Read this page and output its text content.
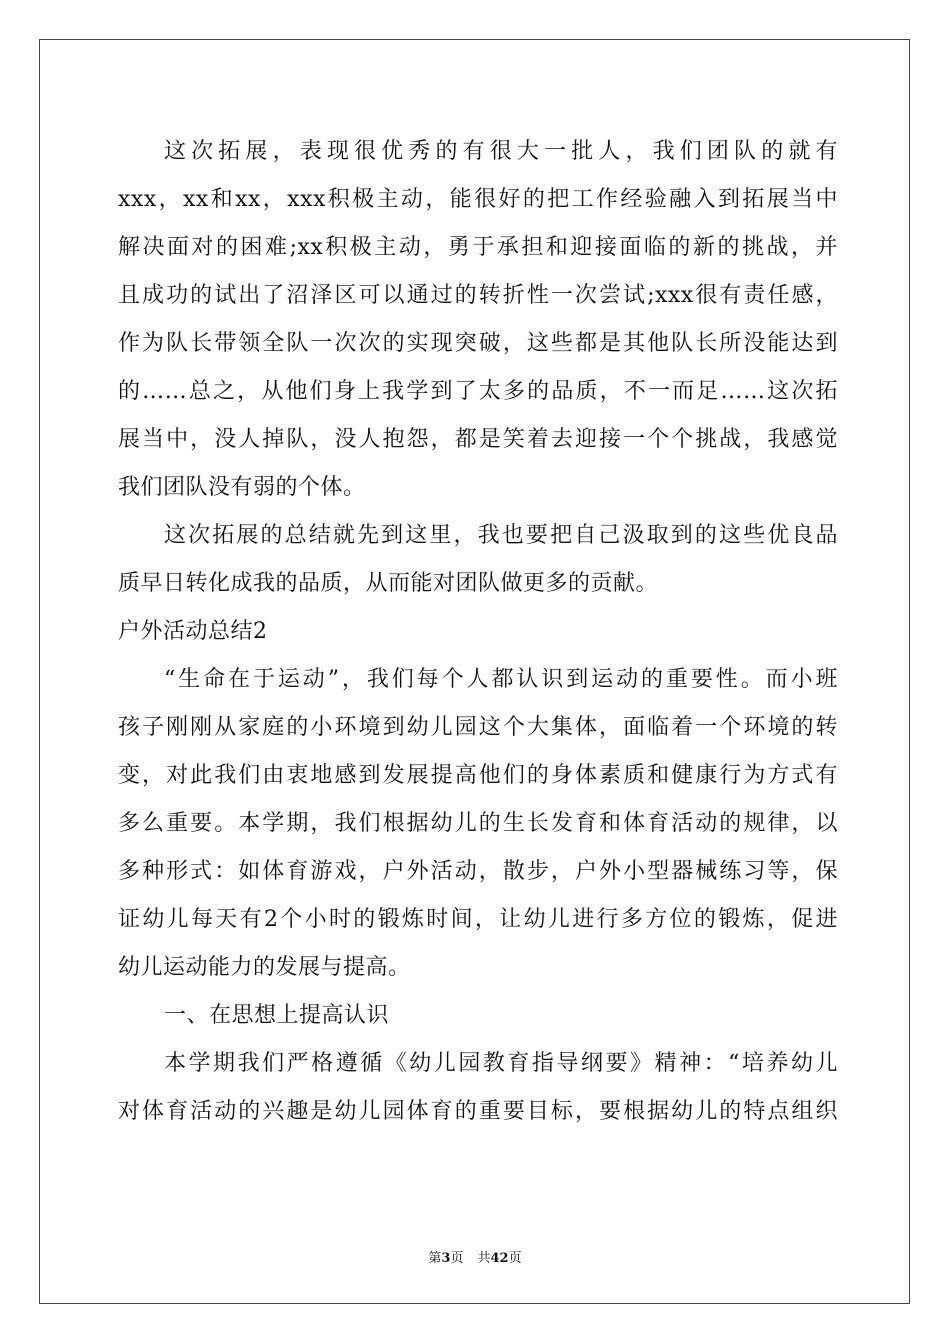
这次拓展，表现很优秀的有很大一批人，我们团队的就有
xxx，xx和xx，xxx积极主动，能很好的把工作经验融入到拓展当中
解决面对的困难;xx积极主动，勇于承担和迎接面临的新的挑战，并
且成功的试出了沼泽区可以通过的转折性一次尝试;xxx很有责任感，
作为队长带领全队一次次的实现突破，这些都是其他队长所没能达到
的……总之，从他们身上我学到了太多的品质，不一而足……这次拓
展当中，没人掉队，没人抱怨，都是笑着去迎接一个个挑战，我感觉
我们团队没有弱的个体。
这次拓展的总结就先到这里，我也要把自己汲取到的这些优良品
质早日转化成我的品质，从而能对团队做更多的贡献。
户外活动总结2
“生命在于运动”，我们每个人都认识到运动的重要性。而小班
孩子刚刚从家庭的小环境到幼儿园这个大集体，面临着一个环境的转
变，对此我们由衷地感到发展提高他们的身体素质和健康行为方式有
多么重要。本学期，我们根据幼儿的生长发育和体育活动的规律，以
多种形式：如体育游戏，户外活动，散步，户外小型器械练习等，保
证幼儿每天有2个小时的锻炼时间，让幼儿进行多方位的锻炼，促进
幼儿运动能力的发展与提高。
一、在思想上提高认识
本学期我们严格遵循《幼儿园教育指导纲要》精神：“培养幼儿
对体育活动的兴趣是幼儿园体育的重要目标，要根据幼儿的特点组织
第3页 共42页
